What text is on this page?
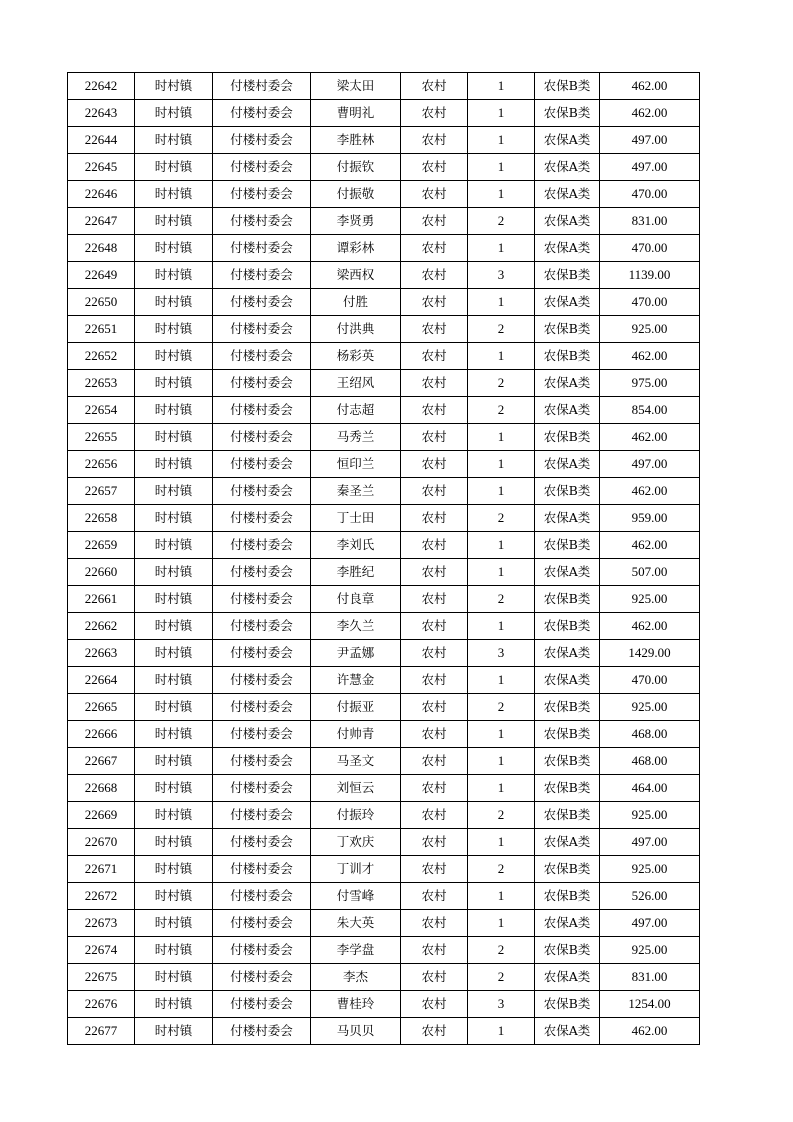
22642	时村镇	付楼村委会	梁太田	农村	1	农保B类	462.00
22643	时村镇	付楼村委会	曹明礼	农村	1	农保B类	462.00
22644	时村镇	付楼村委会	李胜林	农村	1	农保A类	497.00
22645	时村镇	付楼村委会	付振钦	农村	1	农保A类	497.00
22646	时村镇	付楼村委会	付振敬	农村	1	农保A类	470.00
22647	时村镇	付楼村委会	李贤勇	农村	2	农保A类	831.00
22648	时村镇	付楼村委会	谭彩林	农村	1	农保A类	470.00
22649	时村镇	付楼村委会	梁西权	农村	3	农保B类	1139.00
22650	时村镇	付楼村委会	付胜	农村	1	农保A类	470.00
22651	时村镇	付楼村委会	付洪典	农村	2	农保B类	925.00
22652	时村镇	付楼村委会	杨彩英	农村	1	农保B类	462.00
22653	时村镇	付楼村委会	王绍风	农村	2	农保A类	975.00
22654	时村镇	付楼村委会	付志超	农村	2	农保A类	854.00
22655	时村镇	付楼村委会	马秀兰	农村	1	农保B类	462.00
22656	时村镇	付楼村委会	恒印兰	农村	1	农保A类	497.00
22657	时村镇	付楼村委会	秦圣兰	农村	1	农保B类	462.00
22658	时村镇	付楼村委会	丁士田	农村	2	农保A类	959.00
22659	时村镇	付楼村委会	李刘氏	农村	1	农保B类	462.00
22660	时村镇	付楼村委会	李胜纪	农村	1	农保A类	507.00
22661	时村镇	付楼村委会	付良章	农村	2	农保B类	925.00
22662	时村镇	付楼村委会	李久兰	农村	1	农保B类	462.00
22663	时村镇	付楼村委会	尹孟娜	农村	3	农保A类	1429.00
22664	时村镇	付楼村委会	许慧金	农村	1	农保A类	470.00
22665	时村镇	付楼村委会	付振亚	农村	2	农保B类	925.00
22666	时村镇	付楼村委会	付帅青	农村	1	农保B类	468.00
22667	时村镇	付楼村委会	马圣文	农村	1	农保B类	468.00
22668	时村镇	付楼村委会	刘恒云	农村	1	农保B类	464.00
22669	时村镇	付楼村委会	付振玲	农村	2	农保B类	925.00
22670	时村镇	付楼村委会	丁欢庆	农村	1	农保A类	497.00
22671	时村镇	付楼村委会	丁训才	农村	2	农保B类	925.00
22672	时村镇	付楼村委会	付雪峰	农村	1	农保B类	526.00
22673	时村镇	付楼村委会	朱大英	农村	1	农保A类	497.00
22674	时村镇	付楼村委会	李学盘	农村	2	农保B类	925.00
22675	时村镇	付楼村委会	李杰	农村	2	农保A类	831.00
22676	时村镇	付楼村委会	曹桂玲	农村	3	农保B类	1254.00
22677	时村镇	付楼村委会	马贝贝	农村	1	农保A类	462.00
